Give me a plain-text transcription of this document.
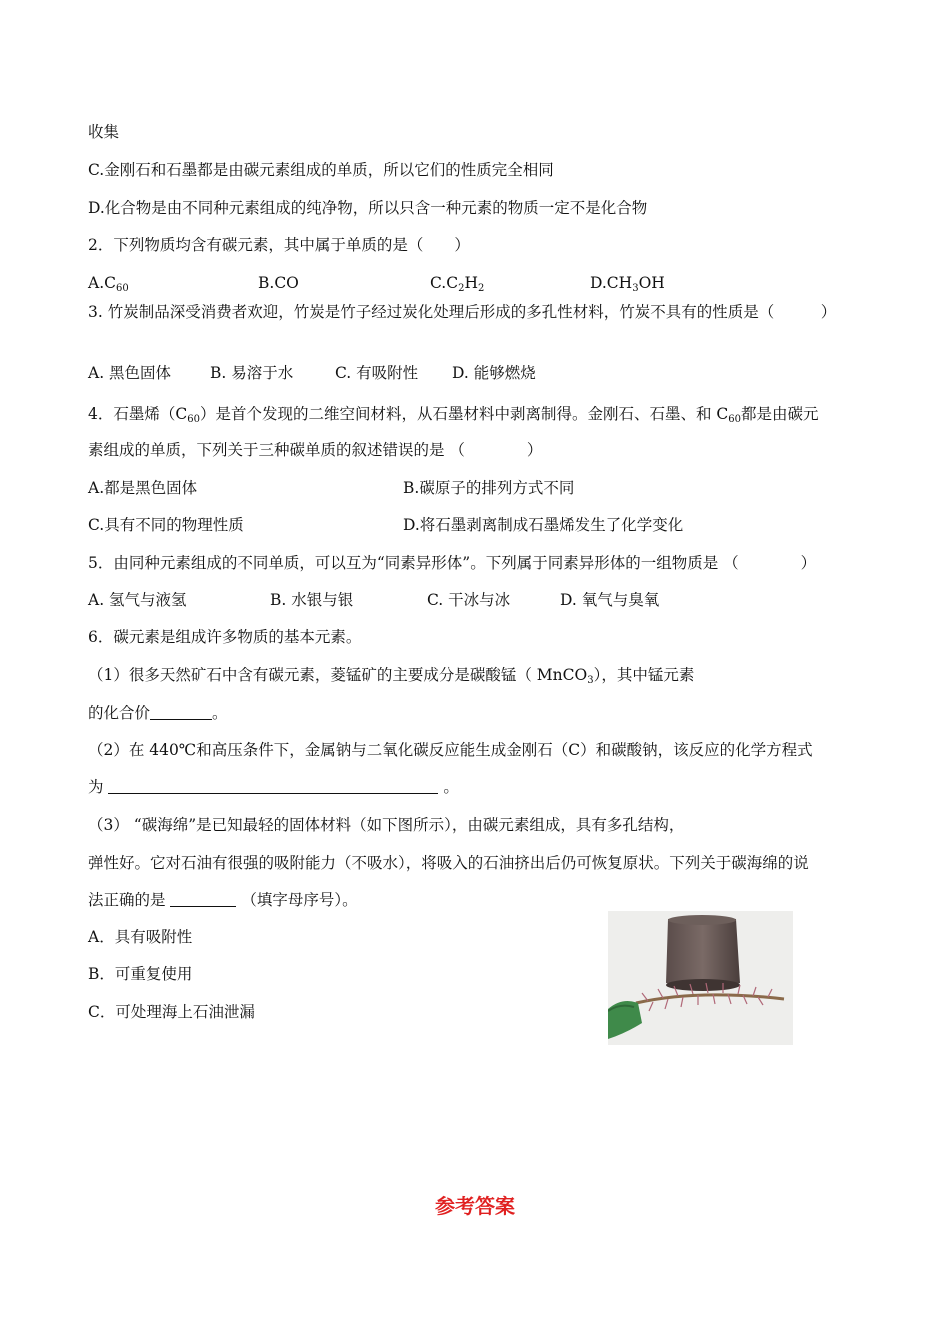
收集
C.金刚石和石墨都是由碳元素组成的单质，所以它们的性质完全相同
D.化合物是由不同种元素组成的纯净物，所以只含一种元素的物质一定不是化合物
2．下列物质均含有碳元素，其中属于单质的是（　　）
$A.C_{60}$	B.CO	$C.C_2H_2$	$D.CH_3OH$
3. 竹炭制品深受消费者欢迎，竹炭是竹子经过炭化处理后形成的多孔性材料，竹炭不具有的性质是（　　　）
A. 黑色固体	B. 易溶于水	C. 有吸附性 D. 能够燃烧
4．石墨烯$(C_{60})$是首个发现的二维空间材料，从石墨材料中剥离制得。金刚石、石墨、和 $C_{60}$都是由碳元
素组成的单质，下列关于三种碳单质的叙述错误的是 （　　　　）
A.都是黑色固体	B.碳原子的排列方式不同
C.具有不同的物理性质	D.将石墨剥离制成石墨烯发生了化学变化
5．由同种元素组成的不同单质，可以互为“同素异形体”。下列属于同素异形体的一组物质是 （　　　　）
A. 氢气与液氢	B. 水银与银	C. 干冰与冰	D. 氧气与臭氧
6．碳元素是组成许多物质的基本元素。
（1）很多天然矿石中含有碳元素，菱锰矿的主要成分是碳酸锰（ MnCO$_3$），其中锰元素
的化合价	。
（2）在 440℃和高压条件下，金属钠与二氧化碳反应能生成金刚石（C）和碳酸钠，该反应的化学方程式
为	。
（3） “碳海绵”是已知最轻的固体材料（如下图所示），由碳元素组成，具有多孔结构，
弹性好。它对石油有很强的吸附能力（不吸水），将吸入的石油挤出后仍可恢复原状。下列关于碳海绵的说
法正确的是	（填字母序号）。
A．具有吸附性
B．可重复使用
C．可处理海上石油泄漏
参考答案
